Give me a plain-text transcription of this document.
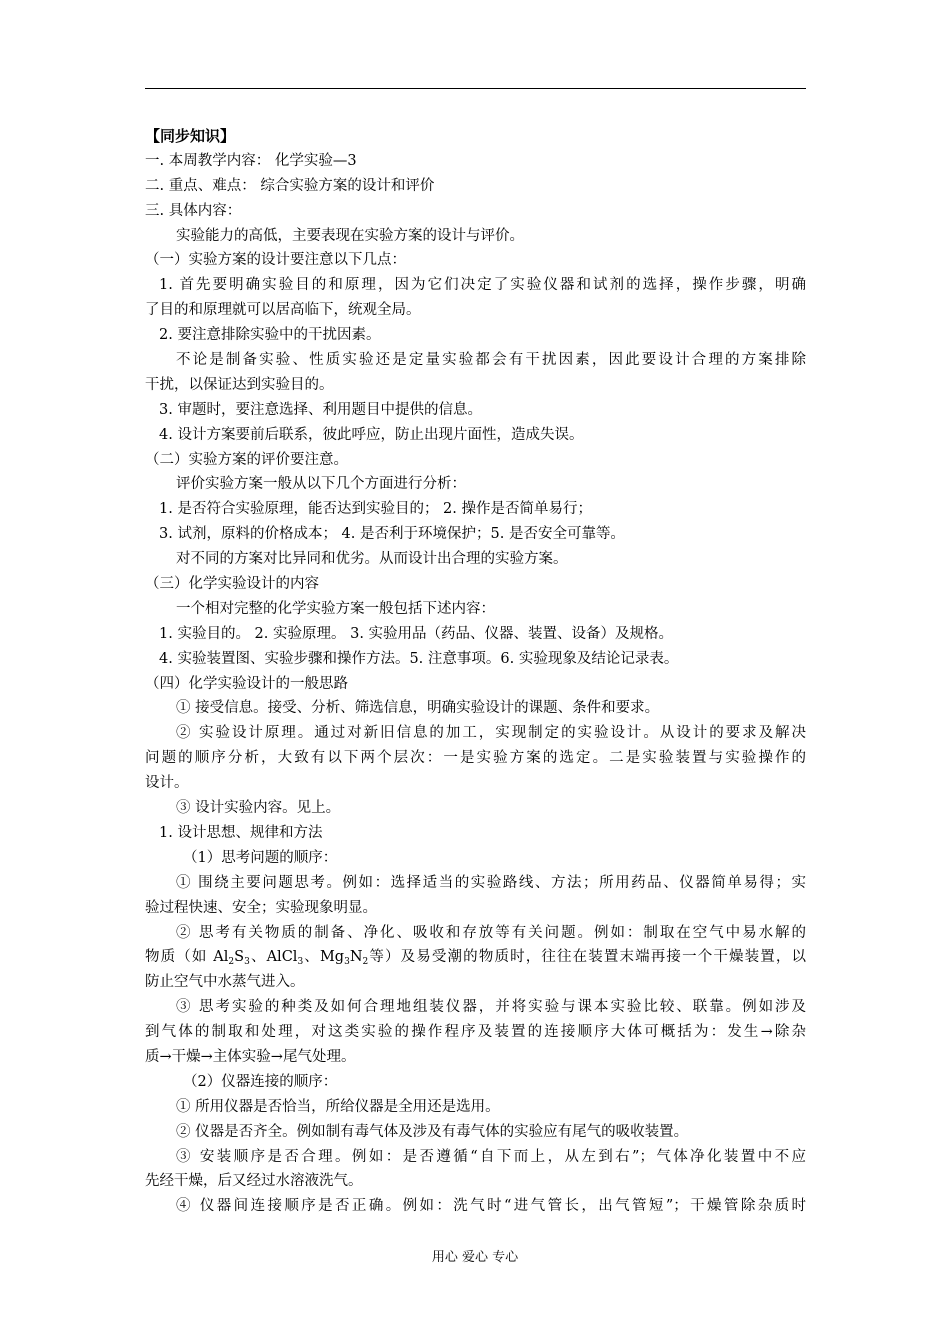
【同步知识】
一. 本周教学内容： 化学实验—3
二. 重点、难点： 综合实验方案的设计和评价
三. 具体内容：
实验能力的高低，主要表现在实验方案的设计与评价。
（一）实验方案的设计要注意以下几点：
1. 首先要明确实验目的和原理，因为它们决定了实验仪器和试剂的选择，操作步骤，明确
了目的和原理就可以居高临下，统观全局。
2. 要注意排除实验中的干扰因素。
不论是制备实验、性质实验还是定量实验都会有干扰因素，因此要设计合理的方案排除
干扰，以保证达到实验目的。
3. 审题时，要注意选择、利用题目中提供的信息。
4. 设计方案要前后联系，彼此呼应，防止出现片面性，造成失误。
（二）实验方案的评价要注意。
评价实验方案一般从以下几个方面进行分析：
1. 是否符合实验原理，能否达到实验目的； 2. 操作是否简单易行；
3. 试剂，原料的价格成本； 4. 是否利于环境保护；5. 是否安全可靠等。
对不同的方案对比异同和优劣。从而设计出合理的实验方案。
（三）化学实验设计的内容
一个相对完整的化学实验方案一般包括下述内容：
1. 实验目的。 2. 实验原理。 3. 实验用品（药品、仪器、装置、设备）及规格。
4. 实验装置图、实验步骤和操作方法。5. 注意事项。6. 实验现象及结论记录表。
（四）化学实验设计的一般思路
① 接受信息。接受、分析、筛选信息，明确实验设计的课题、条件和要求。
② 实验设计原理。通过对新旧信息的加工，实现制定的实验设计。从设计的要求及解决
问题的顺序分析，大致有以下两个层次：一是实验方案的选定。二是实验装置与实验操作的
设计。
③ 设计实验内容。见上。
1. 设计思想、规律和方法
（1）思考问题的顺序：
① 围绕主要问题思考。例如：选择适当的实验路线、方法；所用药品、仪器简单易得；实
验过程快速、安全；实验现象明显。
② 思考有关物质的制备、净化、吸收和存放等有关问题。例如：制取在空气中易水解的
物质（如 $Al_2S_3$、AlCl$_3$、$Mg_3N_2$等）及易受潮的物质时，往往在装置末端再接一个干燥装置，以
防止空气中水蒸气进入。
③ 思考实验的种类及如何合理地组装仪器，并将实验与课本实验比较、联靠。例如涉及
到气体的制取和处理，对这类实验的操作程序及装置的连接顺序大体可概括为：发生→除杂
质→干燥→主体实验→尾气处理。
（2）仪器连接的顺序：
① 所用仪器是否恰当，所给仪器是全用还是选用。
② 仪器是否齐全。例如制有毒气体及涉及有毒气体的实验应有尾气的吸收装置。
③ 安装顺序是否合理。例如：是否遵循“自下而上，从左到右”；气体净化装置中不应
先经干燥，后又经过水溶液洗气。
④ 仪器间连接顺序是否正确。例如：洗气时“进气管长，出气管短”；干燥管除杂质时
用心 爱心 专心
